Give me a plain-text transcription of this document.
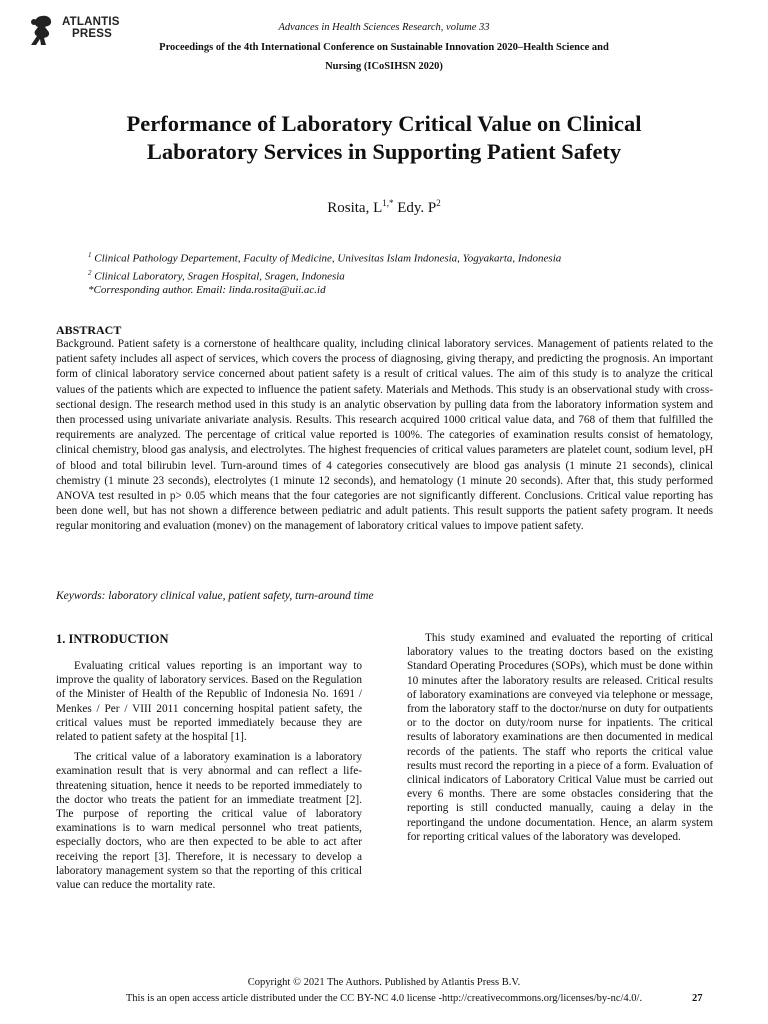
ATLANTIS
PRESS
Advances in Health Sciences Research, volume 33
Proceedings of the 4th International Conference on Sustainable Innovation 2020–Health Science and Nursing (ICoSIHSN 2020)
Performance of Laboratory Critical Value on Clinical Laboratory Services in Supporting Patient Safety
Rosita, $L^{1,*}$ Edy. $P^2$
$^1$ Clinical Pathology Departement, Faculty of Medicine, Univesitas Islam Indonesia, Yogyakarta, Indonesia
$^2$ Clinical Laboratory, Sragen Hospital, Sragen, Indonesia
*Corresponding author. Email: linda.rosita@uii.ac.id
ABSTRACT
Background. Patient safety is a cornerstone of healthcare quality, including clinical laboratory services. Management of patients related to the patient safety includes all aspect of services, which covers the process of diagnosing, giving therapy, and predicting the prognosis. An important form of clinical laboratory service concerned about patient safety is a result of critical values. The aim of this study is to analyze the critical values of the patients which are expected to influence the patient safety. Materials and Methods. This study is an observational study with cross-sectional design. The research method used in this study is an analytic observation by pulling data from the laboratory information system and then processed using univariate anivariate analysis. Results. This research acquired 1000 critical value data, and 768 of them that fulfilled the requirements are analyzed. The percentage of critical value reported is 100%. The categories of examination results consist of hematology, clinical chemistry, blood gas analysis, and electrolytes. The highest frequencies of critical values parameters are platelet count, sodium level, pH of blood and total bilirubin level. Turn-around times of 4 categories consecutively are blood gas analysis (1 minute 21 seconds), clinical chemistry (1 minute 23 seconds), electrolytes (1 minute 12 seconds), and hematology (1 minute 20 seconds). After that, this study performed ANOVA test resulted in p> 0.05 which means that the four categories are not significantly different. Conclusions. Critical value reporting has been done well, but has not shown a difference between pediatric and adult patients. This result supports the patient safety program. It needs regular monitoring and evaluation (monev) on the management of laboratory critical values to impove patient safety.
Keywords: laboratory clinical value, patient safety, turn-around time
1. INTRODUCTION

Evaluating critical values reporting is an important way to improve the quality of laboratory services. Based on the Regulation of the Minister of Health of the Republic of Indonesia No. 1691 / Menkes / Per / VIII 2011 concerning hospital patient safety, the critical values must be reported immediately because they are related to patient safety at the hospital [1].

The critical value of a laboratory examination is a laboratory examination result that is very abnormal and can reflect a life-threatening situation, hence it needs to be reported immediately to the doctor who treats the patient for an immediate treatment [2]. The purpose of reporting the critical value of laboratory examinations is to warn medical personnel who treat patients, especially doctors, who are then expected to be able to act after receiving the report [3]. Therefore, it is necessary to develop a laboratory management system so that the reporting of this critical value can reduce the mortality rate.

This study examined and evaluated the reporting of critical laboratory values to the treating doctors based on the existing Standard Operating Procedures (SOPs), which must be done within 10 minutes after the laboratory results are released. Critical results of laboratory examinations are conveyed via telephone or message, from the laboratory staff to the doctor/nurse on duty for outpatients or to the doctor on duty/room nurse for inpatients. The critical results of laboratory examinations are then documented in medical records of the patients. The staff who reports the critical value results must record the reporting in a piece of a form. Evaluation of clinical indicators of Laboratory Critical Value must be carried out every 6 months. There are some obstacles considering that the reporting is still conducted manually, cauing a delay in the reportingand the undone documentation. Hence, an alarm system for reporting critical values of the laboratory was developed.

Copyright © 2021 The Authors. Published by Atlantis Press B.V.
This is an open access article distributed under the CC BY-NC 4.0 license -http://creativecommons.org/licenses/by-nc/4.0/.	27
